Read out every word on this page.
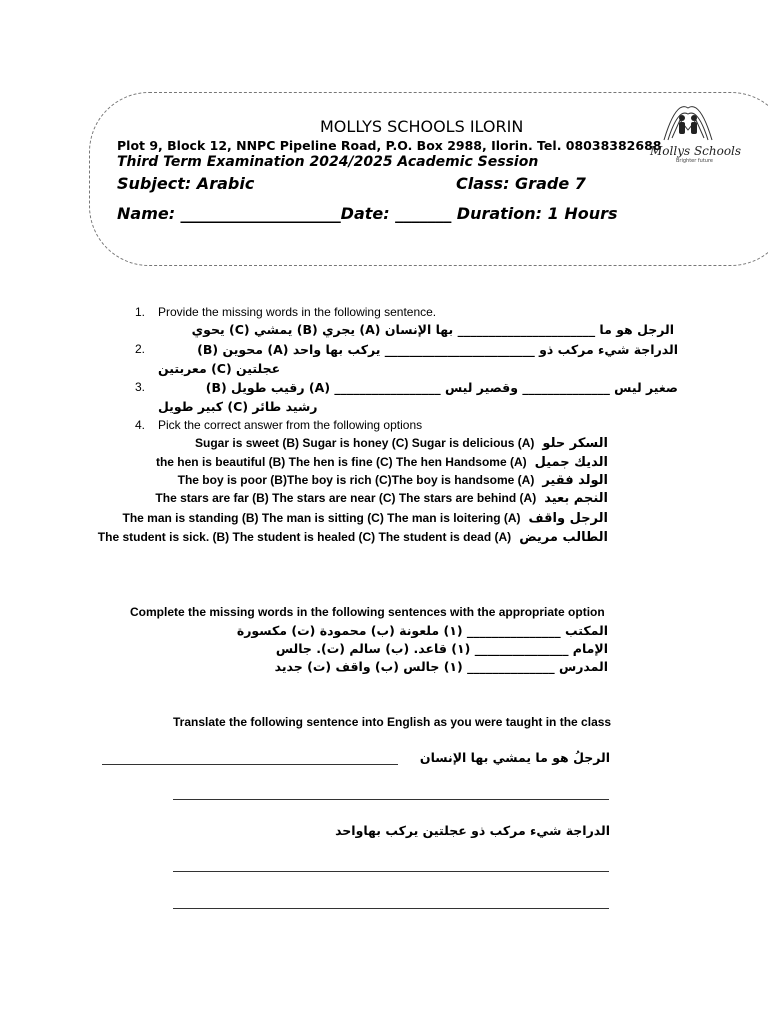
MOLLYS SCHOOLS ILORIN
Plot 9, Block 12, NNPC Pipeline Road, P.O. Box 2988, Ilorin. Tel. 08038382688
Third Term Examination 2024/2025 Academic Session
Subject: Arabic	Class: Grade 7
Name: ____________________Date: _______ Duration: 1 Hours
Mollys Schools
Brighter future
1. Provide the missing words in the following sentence.
الرجل هو ما ______________________ بها الإنسان (A) يجري (B) يمشي (C) يحوي
2.	الدراجة شيء مركب ذو ________________________ يركب بها واحد (A) محوين (B)
عجلتين (C) معربتين
3.	صغير ليس ______________ وقصير ليس _________________ (A) رقيب طويل (B)
رشيد طائر (C) كبير طويل
4. Pick the correct answer from the following options
Sugar is sweet (B) Sugar is honey (C) Sugar is delicious (A) السكر حلو
the hen is beautiful (B) The hen is fine (C) The hen Handsome (A) الديك جميل
The boy is poor (B)The boy is rich (C)The boy is handsome (A) الولد فقير
The stars are far (B) The stars are near (C) The stars are behind (A) النجم بعيد
The man is standing (B) The man is sitting (C) The man is loitering (A) الرجل واقف
The student is sick. (B) The student is healed (C) The student is dead (A) الطالب مريض
Complete the missing words in the following sentences with the appropriate option
المكتب _______________ (١) ملعونة (ب) محمودة (ت) مكسورة
الإمام _______________ (١) قاعد. (ب) سالم (ت). جالس
المدرس ______________ (١) جالس (ب) واقف (ت) جديد
Translate the following sentence into English as you were taught in the class
الرجلُ هو ما يمشي بها الإنسان
الدراجة شيء مركب ذو عجلتين يركب بهاواحد
